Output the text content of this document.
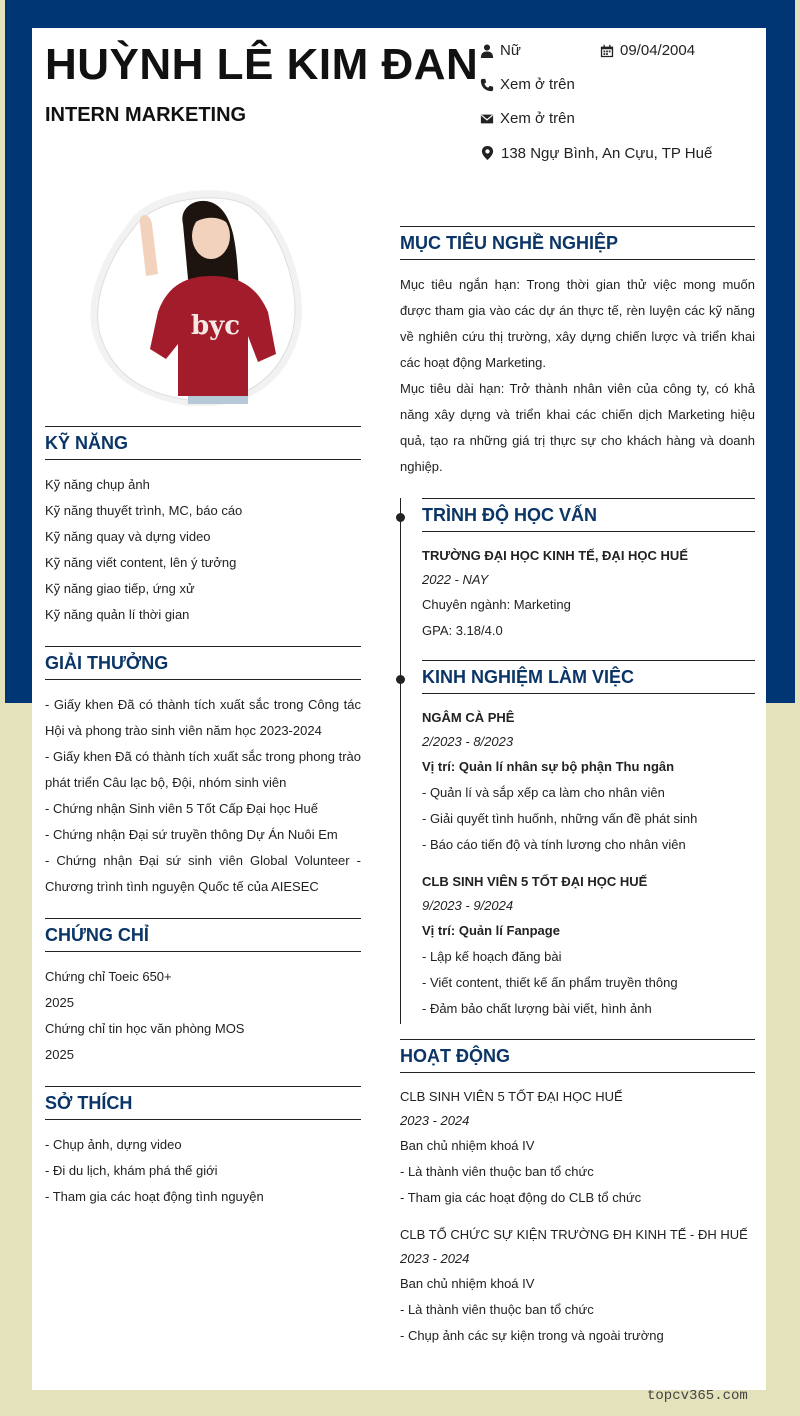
HUỲNH LÊ KIM ĐAN
INTERN MARKETING
Nữ	09/04/2004
Xem ở trên
Xem ở trên
138 Ngự Bình, An Cựu, TP Huế
byc
KỸ NĂNG
Kỹ năng chụp ảnh
Kỹ năng thuyết trình, MC, báo cáo
Kỹ năng quay và dựng video
Kỹ năng viết content, lên ý tưởng
Kỹ năng giao tiếp, ứng xử
Kỹ năng quản lí thời gian
GIẢI THƯỞNG
- Giấy khen Đã có thành tích xuất sắc trong Công tác Hội và phong trào sinh viên năm học 2023-2024
- Giấy khen Đã có thành tích xuất sắc trong phong trào phát triển Câu lạc bộ, Đội, nhóm sinh viên
- Chứng nhận Sinh viên 5 Tốt Cấp Đại học Huế
- Chứng nhận Đại sứ truyền thông Dự Án Nuôi Em
- Chứng nhận Đại sứ sinh viên Global Volunteer - Chương trình tình nguyện Quốc tế của AIESEC
CHỨNG CHỈ
Chứng chỉ Toeic 650+
2025
Chứng chỉ tin học văn phòng MOS
2025
SỞ THÍCH
- Chụp ảnh, dựng video
- Đi du lịch, khám phá thế giới
- Tham gia các hoạt động tình nguyện
MỤC TIÊU NGHỀ NGHIỆP
Mục tiêu ngắn hạn: Trong thời gian thử việc mong muốn được tham gia vào các dự án thực tế, rèn luyện các kỹ năng về nghiên cứu thị trường, xây dựng chiến lược và triển khai các hoạt động Marketing.
Mục tiêu dài hạn: Trở thành nhân viên của công ty, có khả năng xây dựng và triển khai các chiến dịch Marketing hiệu quả, tạo ra những giá trị thực sự cho khách hàng và doanh nghiệp.
TRÌNH ĐỘ HỌC VẤN
TRƯỜNG ĐẠI HỌC KINH TẾ, ĐẠI HỌC HUẾ
2022 - NAY
Chuyên ngành: Marketing
GPA: 3.18/4.0
KINH NGHIỆM LÀM VIỆC
NGÂM CÀ PHÊ
2/2023 - 8/2023
Vị trí: Quản lí nhân sự bộ phận Thu ngân
- Quản lí và sắp xếp ca làm cho nhân viên
- Giải quyết tình huốnh, những vấn đề phát sinh
- Báo cáo tiến độ và tính lương cho nhân viên
CLB SINH VIÊN 5 TỐT ĐẠI HỌC HUẾ
9/2023 - 9/2024
Vị trí: Quản lí Fanpage
- Lập kế hoạch đăng bài
- Viết content, thiết kế ấn phẩm truyền thông
- Đảm bảo chất lượng bài viết, hình ảnh
HOẠT ĐỘNG
CLB SINH VIÊN 5 TỐT ĐẠI HỌC HUẾ
2023 - 2024
Ban chủ nhiệm khoá IV
- Là thành viên thuộc ban tổ chức
- Tham gia các hoạt động do CLB tổ chức
CLB TỔ CHỨC SỰ KIỆN TRƯỜNG ĐH KINH TẾ - ĐH HUẾ
2023 - 2024
Ban chủ nhiệm khoá IV
- Là thành viên thuộc ban tổ chức
- Chụp ảnh các sự kiện trong và ngoài trường
topcv365.com
